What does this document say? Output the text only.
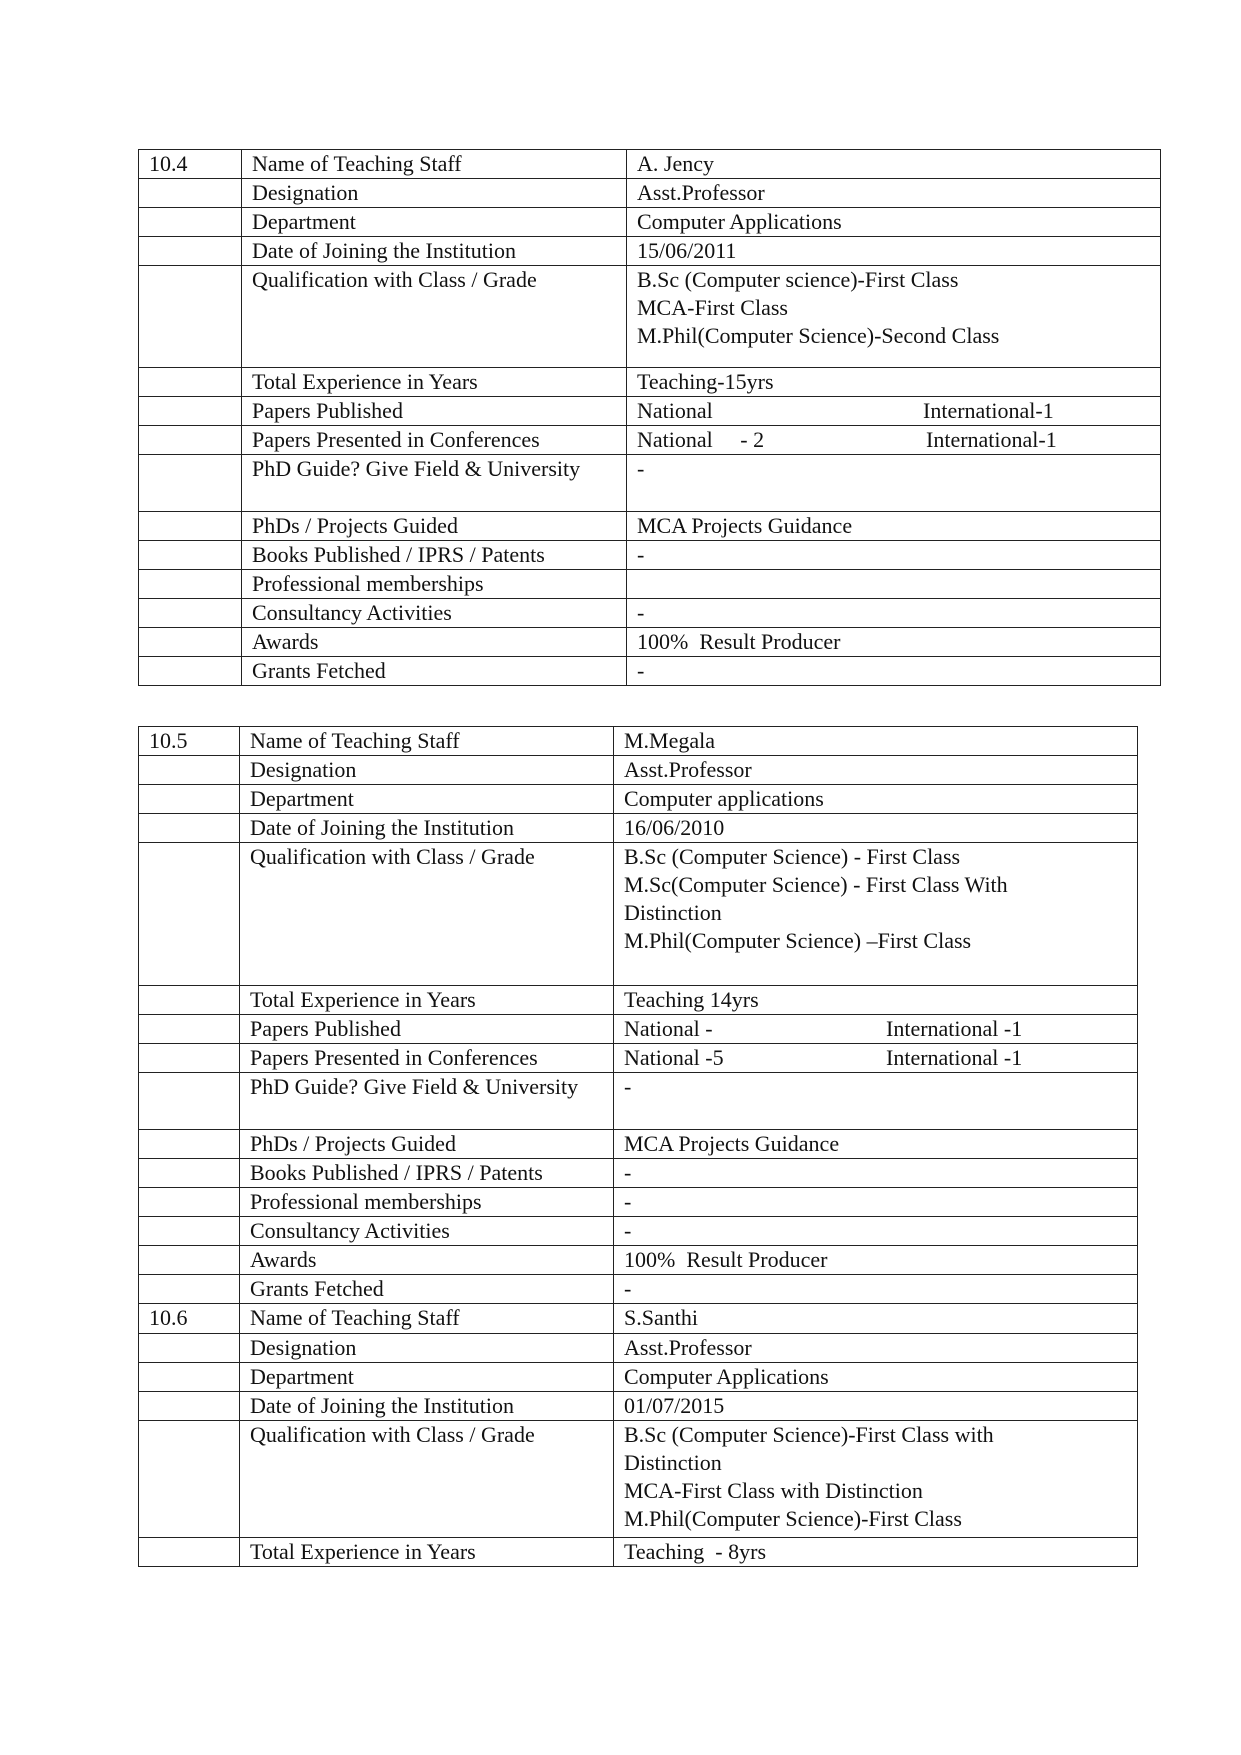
10.4	Name of Teaching Staff	A. Jency

	Designation	Asst.Professor

	Department	Computer Applications

	Date of Joining the Institution	15/06/2011

	Qualification with Class / Grade	B.Sc (Computer science)-First Class
MCA-First Class
M.Phil(Computer Science)-Second Class

	Total Experience in Years	Teaching-15yrs

	Papers Published	National International-1

	Papers Presented in Conferences	National     - 2 International-1

	PhD Guide? Give Field & University	-

	PhDs / Projects Guided	MCA Projects Guidance

	Books Published / IPRS / Patents	-

	Professional memberships	

	Consultancy Activities	-

	Awards	100%  Result Producer

	Grants Fetched	-
10.5	Name of Teaching Staff	M.Megala

	Designation	Asst.Professor

	Department	Computer applications

	Date of Joining the Institution	16/06/2010

	Qualification with Class / Grade	B.Sc (Computer Science) - First Class
M.Sc(Computer Science) - First Class With
Distinction
M.Phil(Computer Science) –First Class

	Total Experience in Years	Teaching 14yrs

	Papers Published	National - International -1

	Papers Presented in Conferences	National -5 International -1

	PhD Guide? Give Field & University	-

	PhDs / Projects Guided	MCA Projects Guidance

	Books Published / IPRS / Patents	-

	Professional memberships	-

	Consultancy Activities	-

	Awards	100%  Result Producer

	Grants Fetched	-

10.6	Name of Teaching Staff	S.Santhi

	Designation	Asst.Professor

	Department	Computer Applications

	Date of Joining the Institution	01/07/2015

	Qualification with Class / Grade	B.Sc (Computer Science)-First Class with
Distinction
MCA-First Class with Distinction
M.Phil(Computer Science)-First Class

	Total Experience in Years	Teaching  - 8yrs
